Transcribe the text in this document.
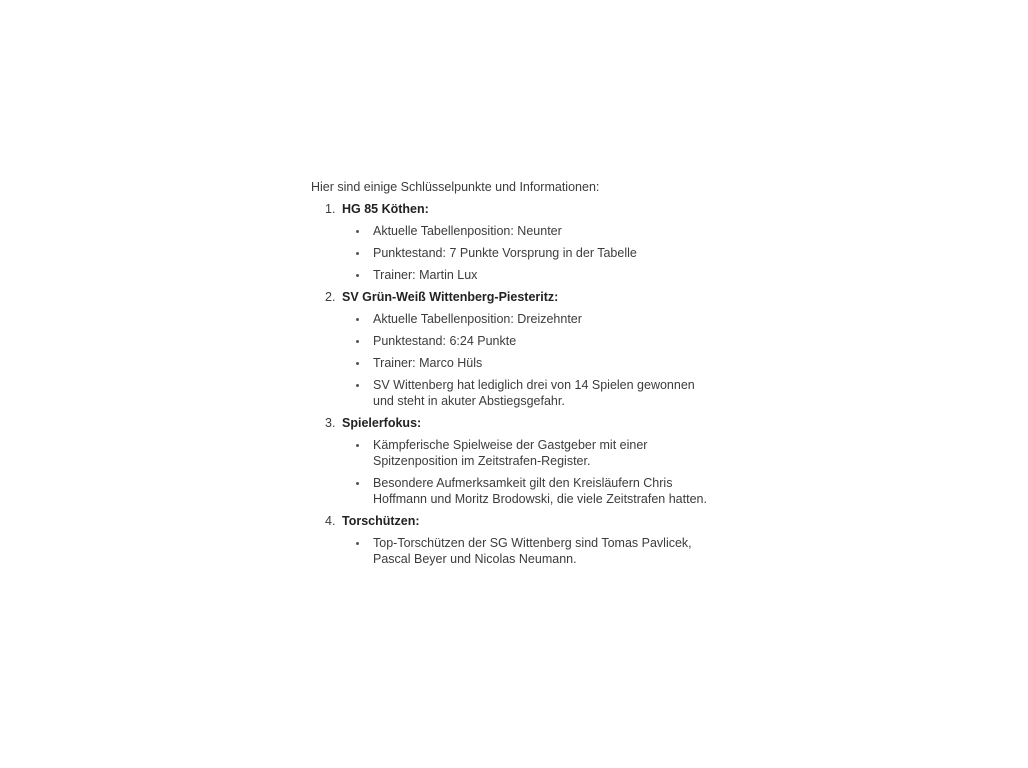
Hier sind einige Schlüsselpunkte und Informationen:

1. HG 85 Köthen:
Aktuelle Tabellenposition: Neunter
Punktestand: 7 Punkte Vorsprung in der Tabelle
Trainer: Martin Lux
2. SV Grün-Weiß Wittenberg-Piesteritz:
Aktuelle Tabellenposition: Dreizehnter
Punktestand: 6:24 Punkte
Trainer: Marco Hüls
SV Wittenberg hat lediglich drei von 14 Spielen gewonnen und steht in akuter Abstiegsgefahr.
3. Spielerfokus:
Kämpferische Spielweise der Gastgeber mit einer Spitzenposition im Zeitstrafen-Register.
Besondere Aufmerksamkeit gilt den Kreisläufern Chris Hoffmann und Moritz Brodowski, die viele Zeitstrafen hatten.
4. Torschützen:
Top-Torschützen der SG Wittenberg sind Tomas Pavlicek, Pascal Beyer und Nicolas Neumann.
